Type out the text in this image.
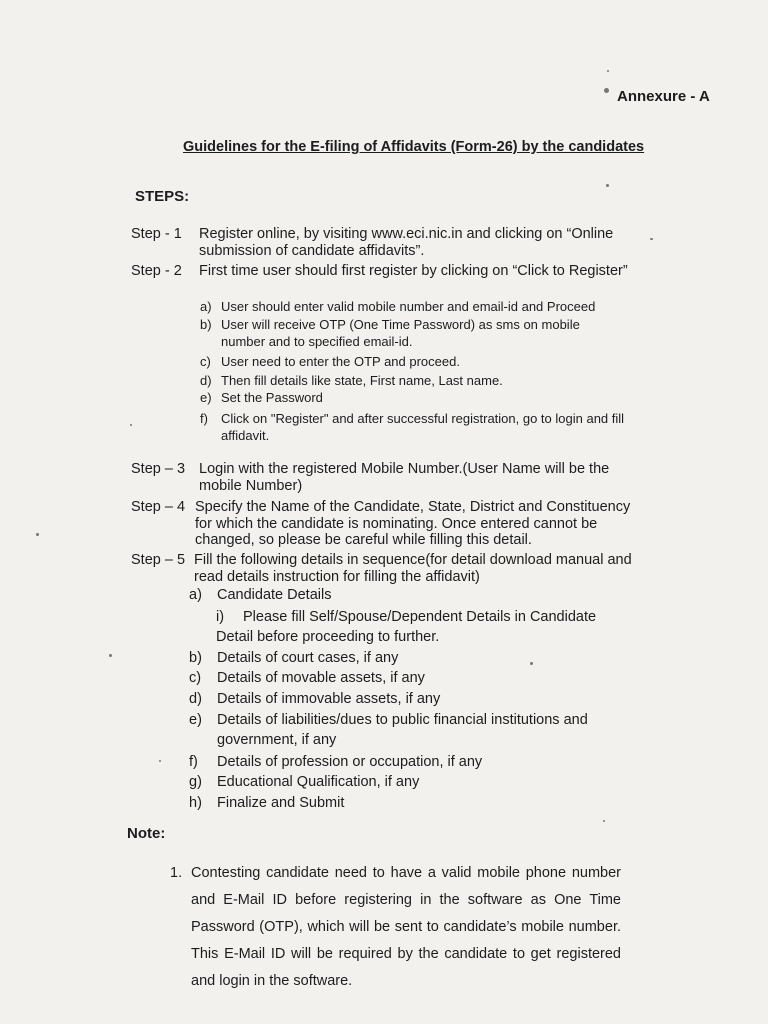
Annexure - A
Guidelines for the E-filing of Affidavits (Form-26) by the candidates
STEPS:
Step - 1 Register online, by visiting www.eci.nic.in and clicking on “Online
submission of candidate affidavits”.
Step - 2 First time user should first register by clicking on “Click to Register”
a) User should enter valid mobile number and email-id and Proceed
b) User will receive OTP (One Time Password) as sms on mobile
number and to specified email-id.
c) User need to enter the OTP and proceed.
d) Then fill details like state, First name, Last name.
e) Set the Password
f) Click on "Register" and after successful registration, go to login and fill
affidavit.
Step – 3 Login with the registered Mobile Number.(User Name will be the
mobile Number)
Step – 4 Specify the Name of the Candidate, State, District and Constituency
for which the candidate is nominating. Once entered cannot be
changed, so please be careful while filling this detail.
Step – 5 Fill the following details in sequence(for detail download manual and
read details instruction for filling the affidavit)
a) Candidate Details
i) Please fill Self/Spouse/Dependent Details in Candidate
Detail before proceeding to further.
b) Details of court cases, if any
c) Details of movable assets, if any
d) Details of immovable assets, if any
e) Details of liabilities/dues to public financial institutions and
government, if any
f) Details of profession or occupation, if any
g) Educational Qualification, if any
h) Finalize and Submit
Note:
1. Contesting candidate need to have a valid mobile phone number and E-Mail ID before registering in the software as One Time Password (OTP), which will be sent to candidate’s mobile number. This E-Mail ID will be required by the candidate to get registered and login in the software.
